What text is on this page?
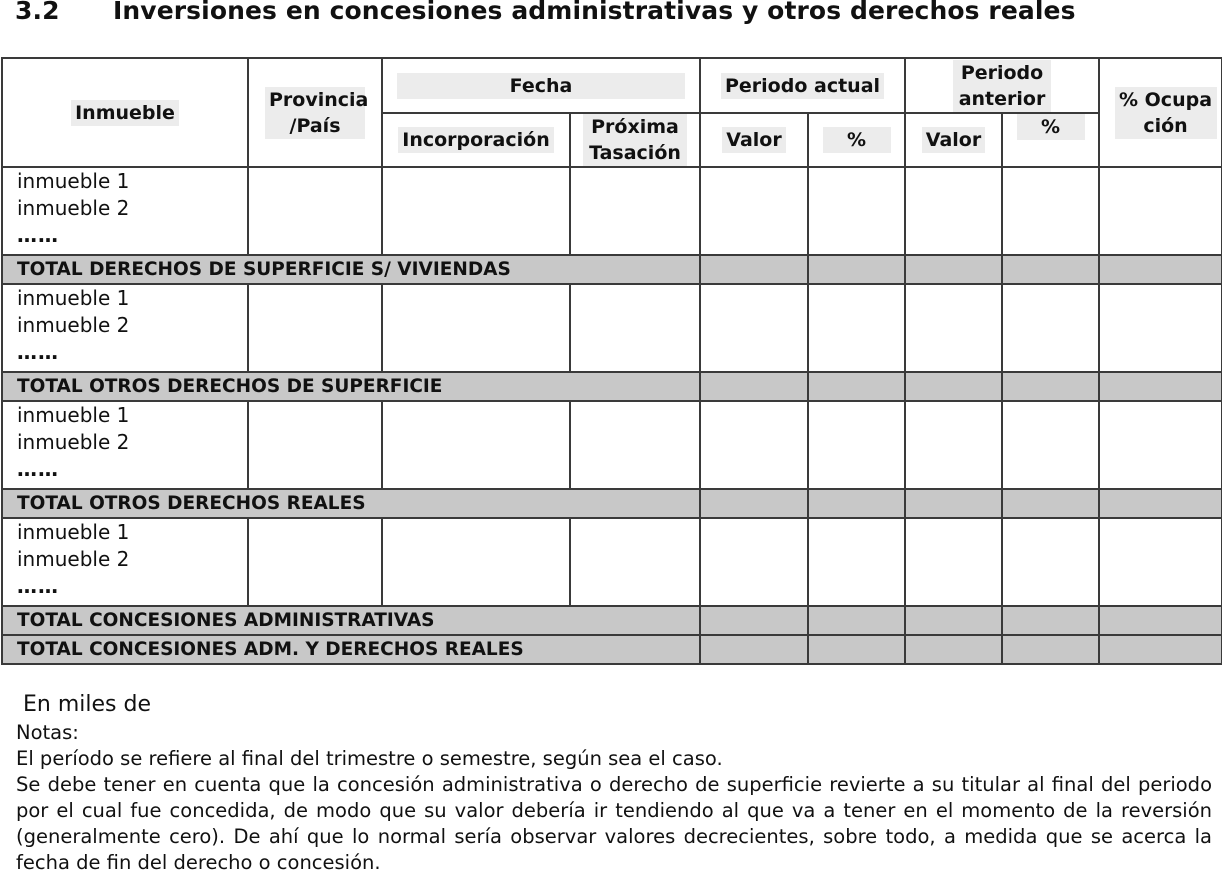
3.2 Inversiones en concesiones administrativas y otros derechos reales
Inmueble	Provincia /País	Fecha		Periodo actual		Periodo anterior		% Ocupación
		Incorporación	Próxima Tasación	Valor	%	Valor	%	

inmueble 1
inmueble 2
……								

TOTAL DERECHOS DE SUPERFICIE S/ VIVIENDAS								

inmueble 1
inmueble 2
……								

TOTAL OTROS DERECHOS DE SUPERFICIE								

inmueble 1
inmueble 2
……								

TOTAL OTROS DERECHOS REALES								

inmueble 1
inmueble 2
……								

TOTAL CONCESIONES ADMINISTRATIVAS								
TOTAL CONCESIONES ADM. Y DERECHOS REALES								
En miles de
Notas:
El período se refiere al final del trimestre o semestre, según sea el caso.
Se debe tener en cuenta que la concesión administrativa o derecho de superficie revierte a su titular al final del periodo por el cual fue concedida, de modo que su valor debería ir tendiendo al que va a tener en el momento de la reversión (generalmente cero). De ahí que lo normal sería observar valores decrecientes, sobre todo, a medida que se acerca la fecha de fin del derecho o concesión.
